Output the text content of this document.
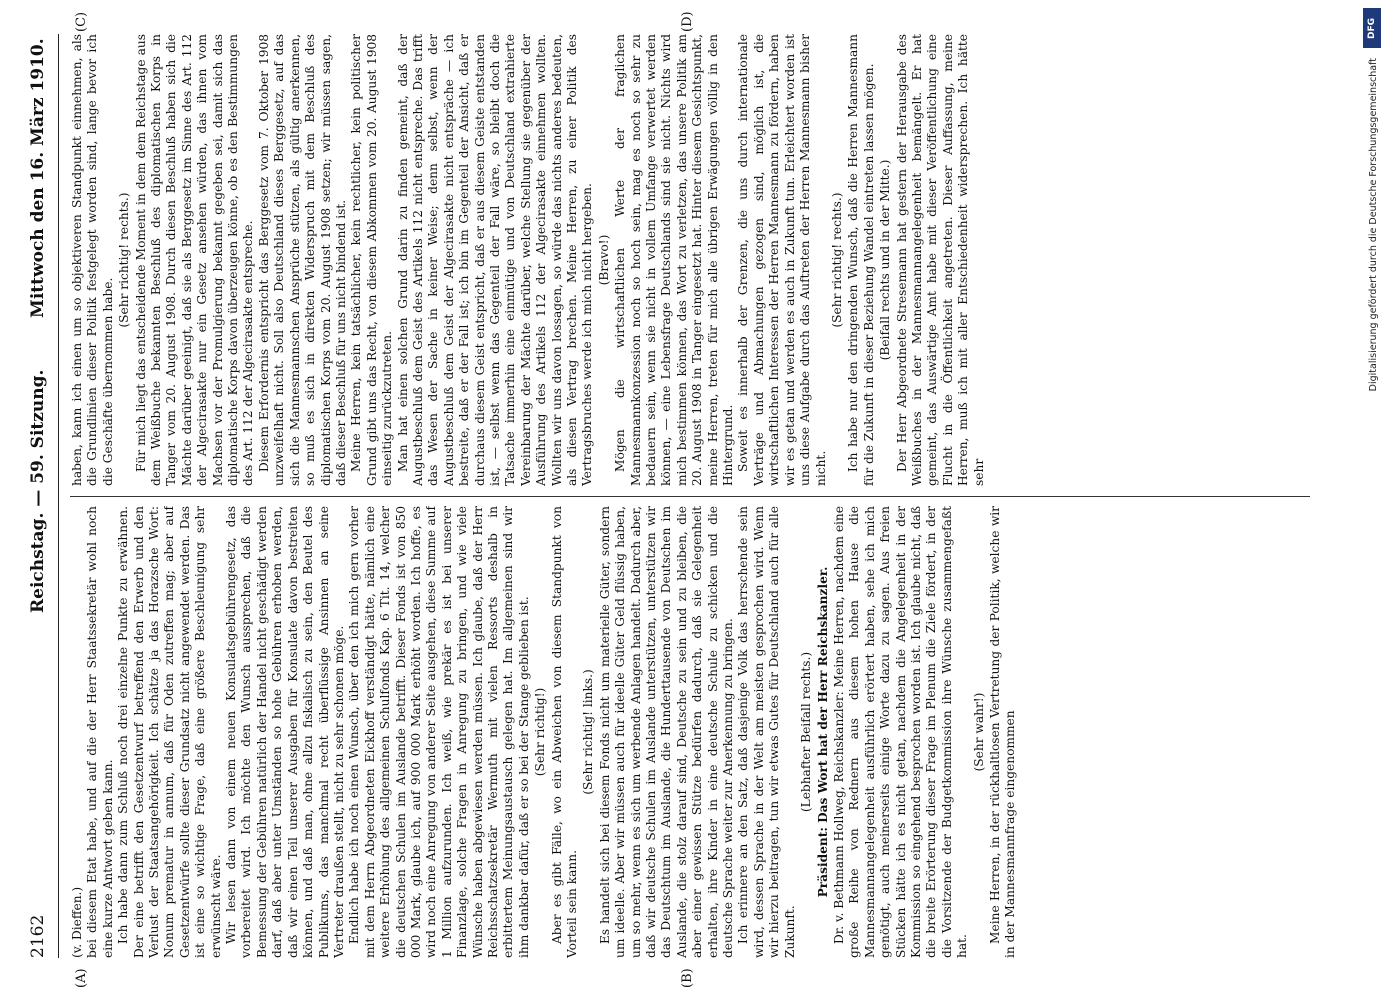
2162
Reichstag. — 59. Sitzung.
Mittwoch den 16. März 1910.
(A)	(B)
(C)	(D)

(v. Dieffen.) bei diesem Etat habe, und auf die der Herr Staatssekretär wohl noch eine kurze Antwort geben kann. Ich habe dann zum Schluß noch drei einzelne Punkte zu erwähnen. Der eine betrifft den Gesetzentwurf betreffend den Erwerb und den Verlust der Staatsangehörigkeit. Ich schätze ja das Horazsche Wort: Nonum prematur in annum, daß für Oden zutreffen mag; aber auf Gesetzentwürfe sollte dieser Grundsatz nicht angewendet werden. Das ist eine so wichtige Frage, daß eine größere Beschleunigung sehr erwünscht wäre. Wir lesen dann von einem neuen Konsulatsgebührengesetz, das vorbereitet wird. Ich möchte den Wunsch aussprechen, daß die Bemessung der Gebühren natürlich der Handel nicht geschädigt werden darf, daß aber unter Umständen so hohe Gebühren erhoben werden, daß wir einen Teil unserer Ausgaben für Konsulate davon bestreiten können, und daß man, ohne allzu fiskalisch zu sein, den Beutel des Publikums, das manchmal recht überflüssige Ansinnen an seine Vertreter draußen stellt, nicht zu sehr schonen möge. Endlich habe ich noch einen Wunsch, über den ich mich gern vorher mit dem Herrn Abgeordneten Eickhoff verständigt hätte, nämlich eine weitere Erhöhung des allgemeinen Schulfonds Kap. 6 Tit. 14, welcher die deutschen Schulen im Auslande betrifft. Dieser Fonds ist von 850 000 Mark, glaube ich, auf 900 000 Mark erhöht worden. Ich hoffe, es wird noch eine Anregung von anderer Seite ausgehen, diese Summe auf 1 Million aufzurunden. Ich weiß, wie prekär es ist bei unserer Finanzlage, solche Fragen in Anregung zu bringen, und wie viele Wünsche haben abgewiesen werden müssen. Ich glaube, daß der Herr Reichsschatzsekretär Wermuth mit vielen Ressorts deshalb in erbittertem Meinungsaustausch gelegen hat. Im allgemeinen sind wir ihm dankbar dafür, daß er so bei der Stange geblieben ist. (Sehr richtig!) Aber es gibt Fälle, wo ein Abweichen von diesem Standpunkt von Vorteil sein kann.

(Sehr richtig! links.) Es handelt sich bei diesem Fonds nicht um materielle Güter, sondern um ideelle. Aber wir müssen auch für ideelle Güter Geld flüssig haben, um so mehr, wenn es sich um werbende Anlagen handelt. Dadurch aber, daß wir deutsche Schulen im Auslande unterstützen, unterstützen wir das Deutschtum im Auslande, die Hunderttausende von Deutschen im Auslande, die stolz darauf sind, Deutsche zu sein und zu bleiben, die aber einer gewissen Stütze bedürfen dadurch, daß sie Gelegenheit erhalten, ihre Kinder in eine deutsche Schule zu schicken und die deutsche Sprache weiter zur Anerkennung zu bringen. Ich erinnere an den Satz, daß dasjenige Volk das herrschende sein wird, dessen Sprache in der Welt am meisten gesprochen wird. Wenn wir hierzu beitragen, tun wir etwas Gutes für Deutschland auch für alle Zukunft.

(Lebhafter Beifall rechts.) Präsident: Das Wort hat der Herr Reichskanzler. Dr. v. Bethmann Hollweg, Reichskanzler: Meine Herren, nachdem eine große Reihe von Rednern aus diesem hohen Hause die Mannesmannangelegenheit ausführlich erörtert haben, sehe ich mich genötigt, auch meinerseits einige Worte dazu zu sagen. Aus freien Stücken hätte ich es nicht getan, nachdem die Angelegenheit in der Kommission so eingehend besprochen worden ist. Ich glaube nicht, daß die breite Erörterung dieser Frage im Plenum die Ziele fördert, in der die Vorsitzende der Budgetkommission ihre Wünsche zusammengefaßt hat.

(Sehr wahr!) Meine Herren, in der rückhaltlosen Vertretung der Politik, welche wir in der Mannesmannfrage eingenommen

haben, kann ich einen um so objektiveren Standpunkt einnehmen, als die Grundlinien dieser Politik festgelegt worden sind, lange bevor ich die Geschäfte übernommen habe.

(Sehr richtig! rechts.) Für mich liegt das entscheidende Moment in dem dem Reichstage aus dem Weißbuche bekannten Beschluß des diplomatischen Korps in Tanger vom 20. August 1908. Durch diesen Beschluß haben sich die Mächte darüber geeinigt, daß sie als Berggesetz im Sinne des Art. 112 der Algecirasakte nur ein Gesetz ansehen würden, das ihnen vom Machsen vor der Promulgierung bekannt gegeben sei, damit sich das diplomatische Korps davon überzeugen könne, ob es den Bestimmungen des Art. 112 der Algecirasakte entspreche. Diesem Erfordernis entspricht das Berggesetz vom 7. Oktober 1908 unzweifelhaft nicht. Soll also Deutschland dieses Berggesetz, auf das sich die Mannesmannschen Ansprüche stützen, als gültig anerkennen, so muß es sich in direkten Widerspruch mit dem Beschluß des diplomatischen Korps vom 20. August 1908 setzen; wir müssen sagen, daß dieser Beschluß für uns nicht bindend ist. Meine Herren, kein tatsächlicher, kein rechtlicher, kein politischer Grund gibt uns das Recht, von diesem Abkommen vom 20. August 1908 einseitig zurückzutreten. Man hat einen solchen Grund darin zu finden gemeint, daß der Augustbeschluß dem Geist des Artikels 112 nicht entspreche. Das trifft das Wesen der Sache in keiner Weise; denn selbst, wenn der Augustbeschluß dem Geist der Algecirasakte nicht entspräche — ich bestreite, daß er der Fall ist; ich bin im Gegenteil der Ansicht, daß er durchaus diesem Geist entspricht, daß er aus diesem Geiste entstanden ist, — selbst wenn das Gegenteil der Fall wäre, so bleibt doch die Tatsache immerhin eine einmütige und von Deutschland extrahierte Vereinbarung der Mächte darüber, welche Stellung sie gegenüber der Ausführung des Artikels 112 der Algecirasakte einnehmen wollten. Wollten wir uns davon lossagen, so würde das nichts anderes bedeuten, als diesen Vertrag brechen. Meine Herren, zu einer Politik des Vertragsbruches werde ich mich nicht hergeben. (Bravo!) Mögen die wirtschaftlichen Werte der fraglichen Mannesmannkonzession noch so hoch sein, mag es noch so sehr zu bedauern sein, wenn sie nicht in vollem Umfange verwertet werden können, — eine Lebensfrage Deutschlands sind sie nicht. Nichts wird mich bestimmen können, das Wort zu verletzen, das unsere Politik am 20. August 1908 in Tanger eingesetzt hat. Hinter diesem Gesichtspunkt, meine Herren, treten für mich alle übrigen Erwägungen völlig in den Hintergrund. Soweit es innerhalb der Grenzen, die uns durch internationale Verträge und Abmachungen gezogen sind, möglich ist, die wirtschaftlichen Interessen der Herren Mannesmann zu fördern, haben wir es getan und werden es auch in Zukunft tun. Erleichtert worden ist uns diese Aufgabe durch das Auftreten der Herren Mannesmann bisher nicht.

(Sehr richtig! rechts.) Ich habe nur den dringenden Wunsch, daß die Herren Mannesmann für die Zukunft in dieser Beziehung Wandel eintreten lassen mögen. (Beifall rechts und in der Mitte.) Der Herr Abgeordnete Stresemann hat gestern der Herausgabe des Weißbuches in der Mannesmannangelegenheit bemängelt. Er hat gemeint, das Auswärtige Amt habe mit dieser Veröffentlichung eine Flucht in die Öffentlichkeit angetreten. Dieser Auffassung, meine Herren, muß ich mit aller Entschiedenheit widersprechen. Ich hätte sehr

DFG
Digitalisierung gefördert durch die Deutsche Forschungsgemeinschaft
